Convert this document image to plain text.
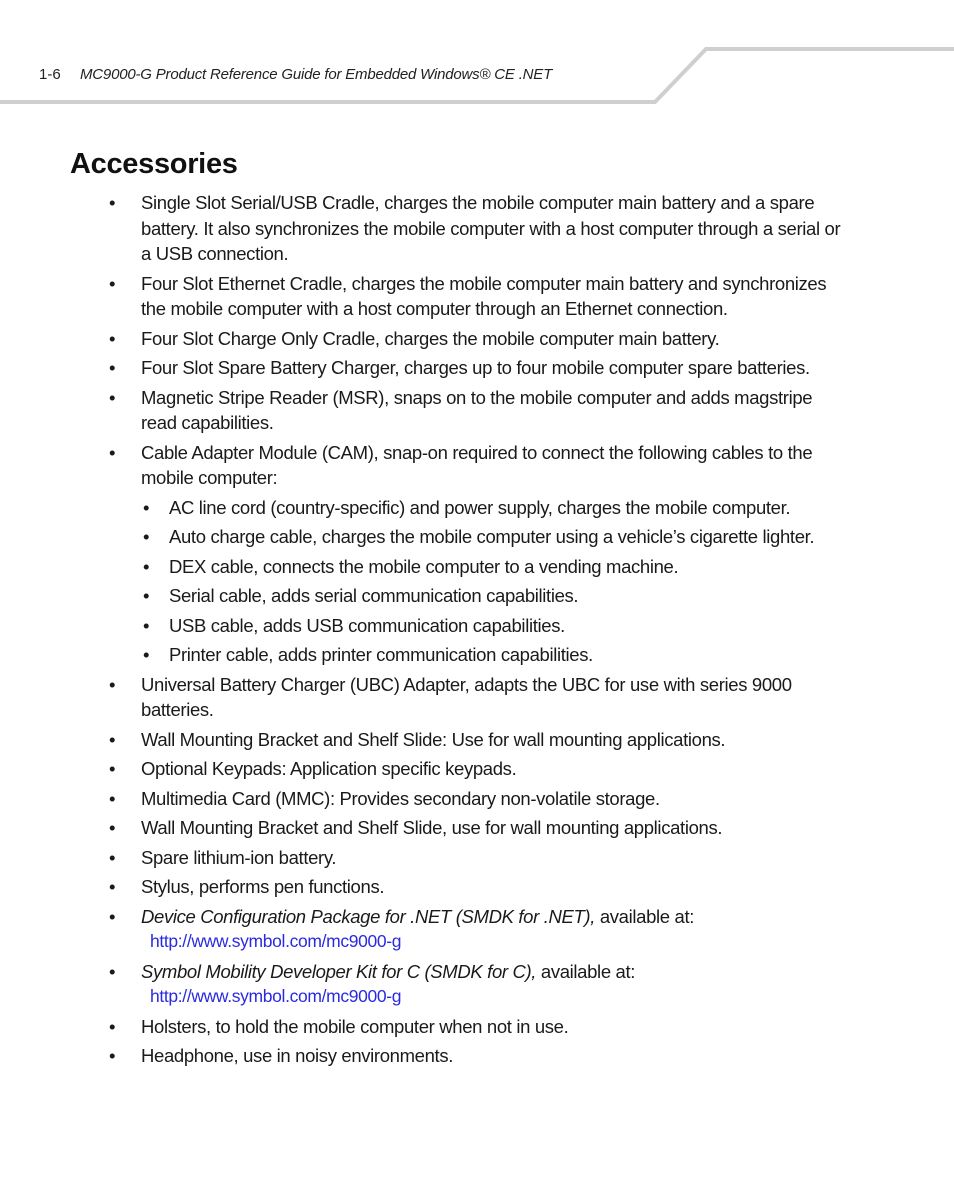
1-6 MC9000-G Product Reference Guide for Embedded Windows® CE .NET
Accessories
• Single Slot Serial/USB Cradle, charges the mobile computer main battery and a spare battery. It also synchronizes the mobile computer with a host computer through a serial or a USB connection.
• Four Slot Ethernet Cradle, charges the mobile computer main battery and synchronizes the mobile computer with a host computer through an Ethernet connection.
• Four Slot Charge Only Cradle, charges the mobile computer main battery.
• Four Slot Spare Battery Charger, charges up to four mobile computer spare batteries.
• Magnetic Stripe Reader (MSR), snaps on to the mobile computer and adds magstripe read capabilities.
• Cable Adapter Module (CAM), snap-on required to connect the following cables to the mobile computer:
• AC line cord (country-specific) and power supply, charges the mobile computer.
• Auto charge cable, charges the mobile computer using a vehicle’s cigarette lighter.
• DEX cable, connects the mobile computer to a vending machine.
• Serial cable, adds serial communication capabilities.
• USB cable, adds USB communication capabilities.
• Printer cable, adds printer communication capabilities.
• Universal Battery Charger (UBC) Adapter, adapts the UBC for use with series 9000 batteries.
• Wall Mounting Bracket and Shelf Slide: Use for wall mounting applications.
• Optional Keypads: Application specific keypads.
• Multimedia Card (MMC): Provides secondary non-volatile storage.
• Wall Mounting Bracket and Shelf Slide, use for wall mounting applications.
• Spare lithium-ion battery.
• Stylus, performs pen functions.
• Device Configuration Package for .NET (SMDK for .NET), available at:
http://www.symbol.com/mc9000-g
• Symbol Mobility Developer Kit for C (SMDK for C), available at:
http://www.symbol.com/mc9000-g
• Holsters, to hold the mobile computer when not in use.
• Headphone, use in noisy environments.
